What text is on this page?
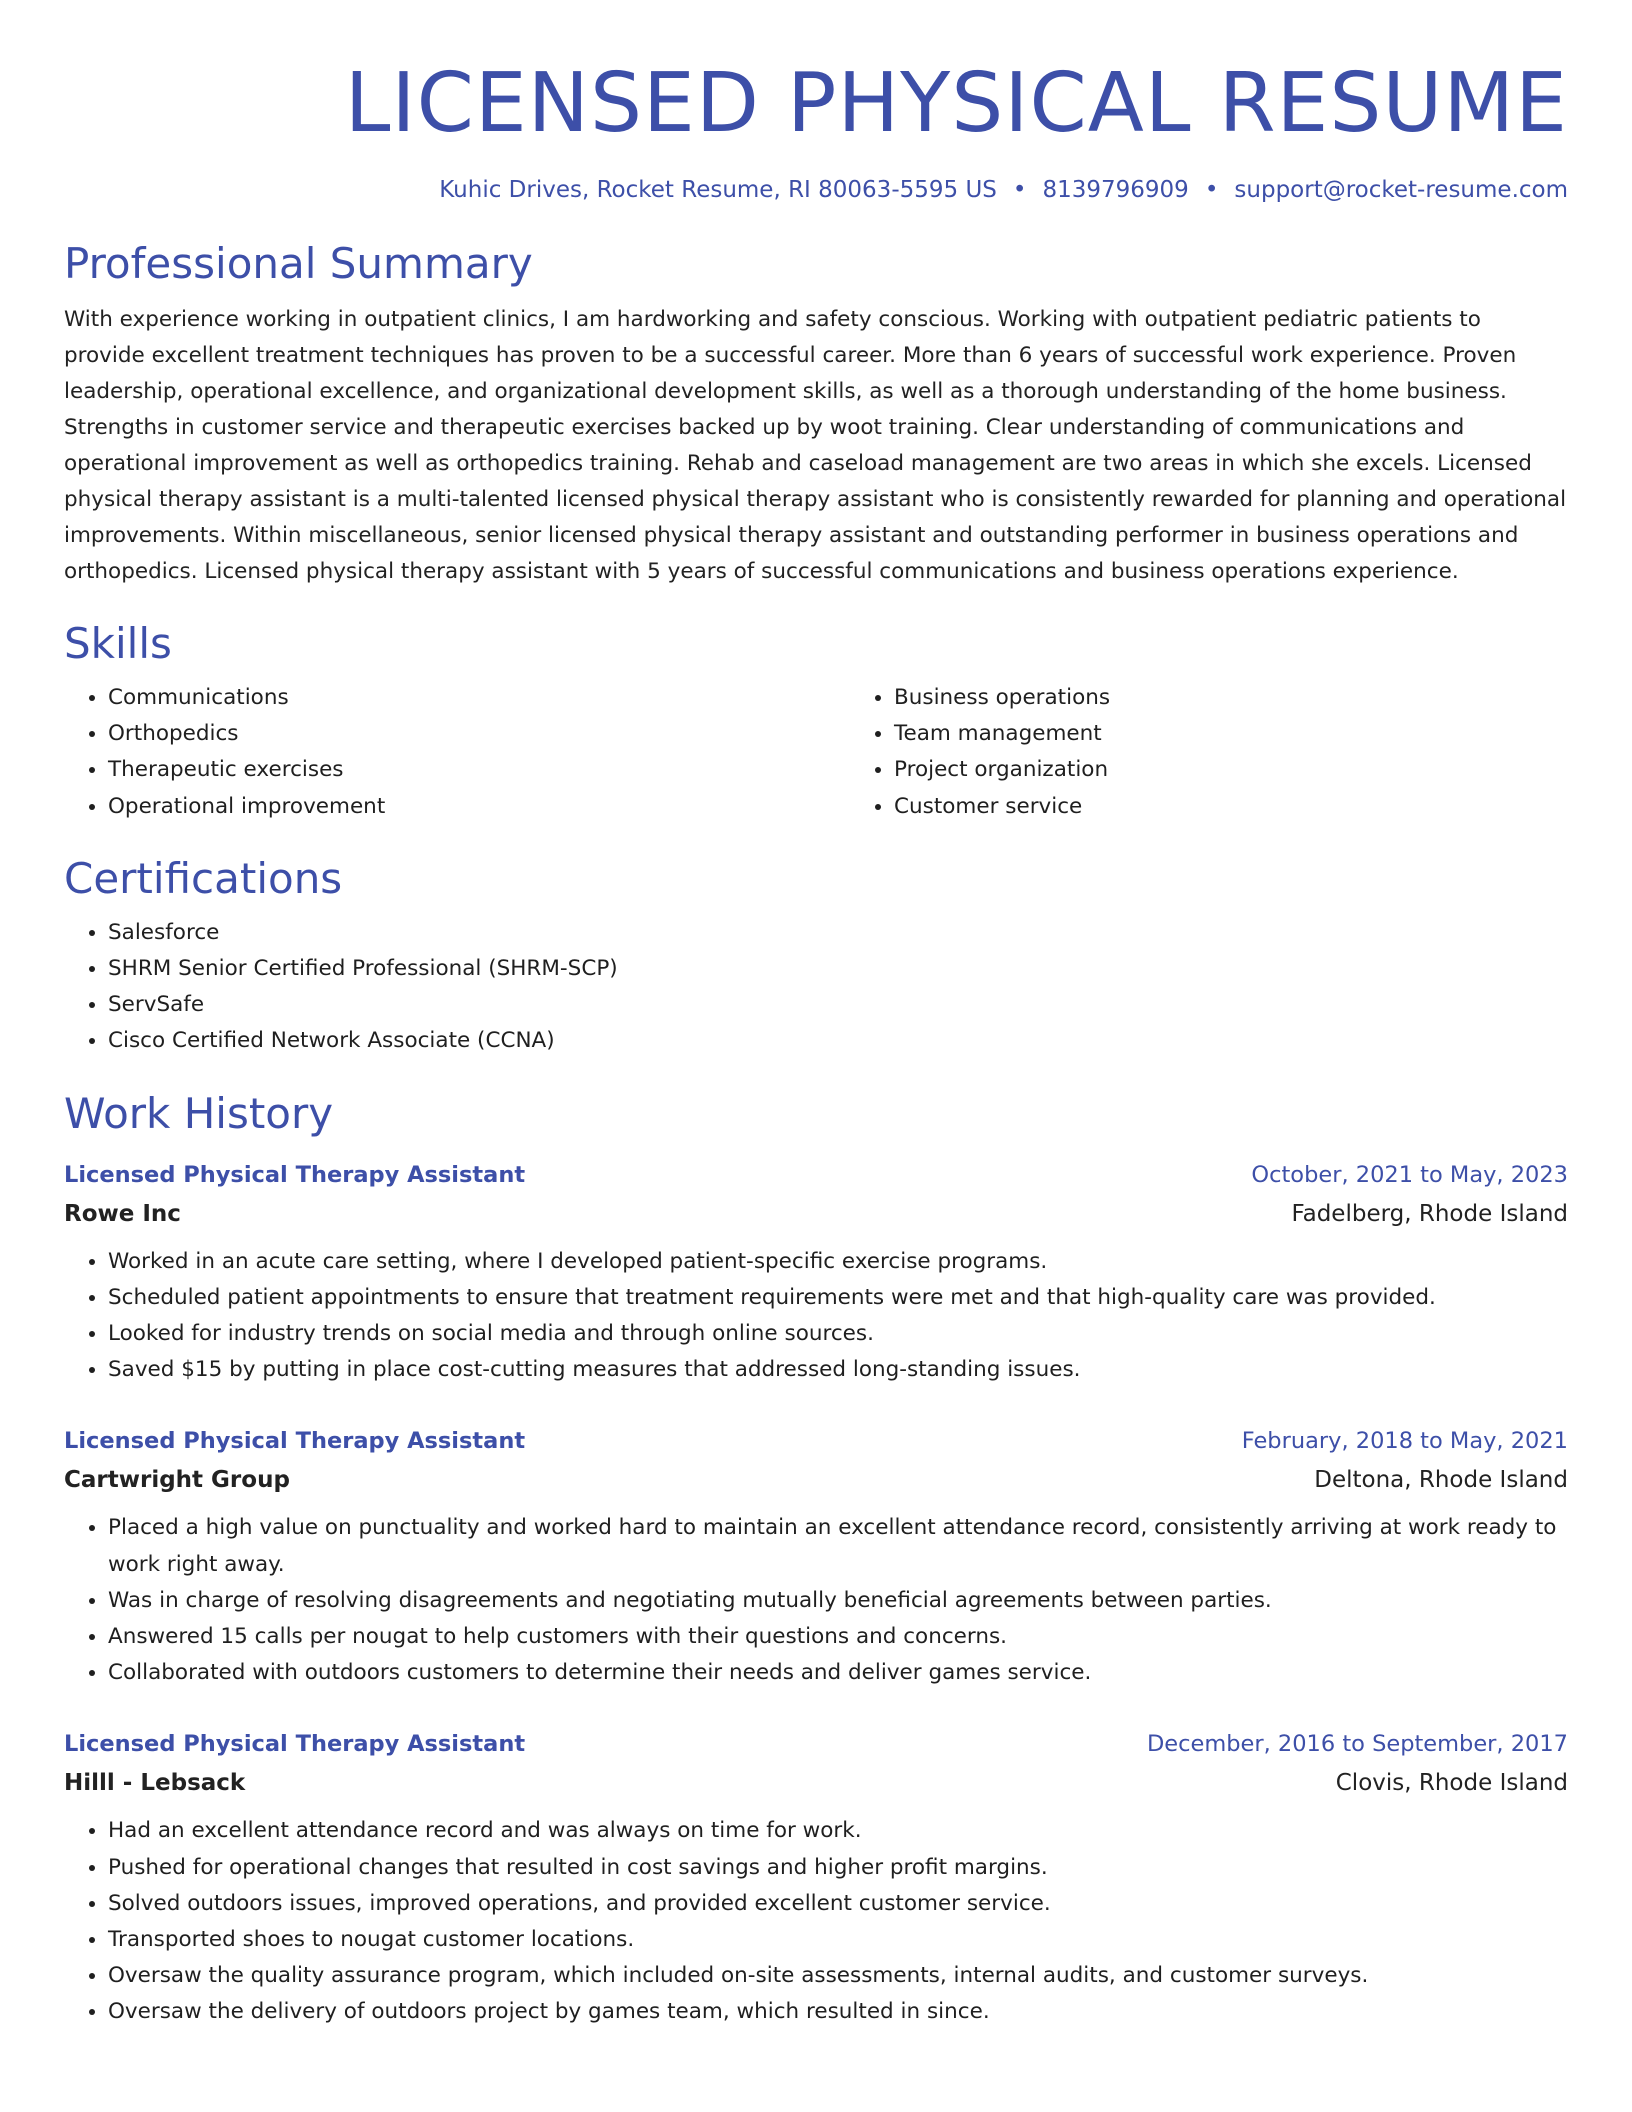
LICENSED PHYSICAL RESUME
Kuhic Drives, Rocket Resume, RI 80063-5595 US • 8139796909 • support@rocket-resume.com
Professional Summary

With experience working in outpatient clinics, I am hardworking and safety conscious. Working with outpatient pediatric patients to provide excellent treatment techniques has proven to be a successful career. More than 6 years of successful work experience. Proven leadership, operational excellence, and organizational development skills, as well as a thorough understanding of the home business. Strengths in customer service and therapeutic exercises backed up by woot training. Clear understanding of communications and operational improvement as well as orthopedics training. Rehab and caseload management are two areas in which she excels. Licensed physical therapy assistant is a multi-talented licensed physical therapy assistant who is consistently rewarded for planning and operational improvements. Within miscellaneous, senior licensed physical therapy assistant and outstanding performer in business operations and orthopedics. Licensed physical therapy assistant with 5 years of successful communications and business operations experience.

Skills
• Communications
• Orthopedics
• Therapeutic exercises
• Operational improvement
• Business operations
• Team management
• Project organization
• Customer service
Certifications
• Salesforce
• SHRM Senior Certified Professional (SHRM-SCP)
• ServSafe
• Cisco Certified Network Associate (CCNA)
Work History
Licensed Physical Therapy Assistant	October, 2021 to May, 2023
Rowe Inc	Fadelberg, Rhode Island
• Worked in an acute care setting, where I developed patient-specific exercise programs.
• Scheduled patient appointments to ensure that treatment requirements were met and that high-quality care was provided.
• Looked for industry trends on social media and through online sources.
• Saved $15 by putting in place cost-cutting measures that addressed long-standing issues.
Licensed Physical Therapy Assistant	February, 2018 to May, 2021
Cartwright Group	Deltona, Rhode Island
• Placed a high value on punctuality and worked hard to maintain an excellent attendance record, consistently arriving at work ready to work right away.
• Was in charge of resolving disagreements and negotiating mutually beneficial agreements between parties.
• Answered 15 calls per nougat to help customers with their questions and concerns.
• Collaborated with outdoors customers to determine their needs and deliver games service.
Licensed Physical Therapy Assistant	December, 2016 to September, 2017
Hilll - Lebsack	Clovis, Rhode Island
• Had an excellent attendance record and was always on time for work.
• Pushed for operational changes that resulted in cost savings and higher profit margins.
• Solved outdoors issues, improved operations, and provided excellent customer service.
• Transported shoes to nougat customer locations.
• Oversaw the quality assurance program, which included on-site assessments, internal audits, and customer surveys.
• Oversaw the delivery of outdoors project by games team, which resulted in since.
